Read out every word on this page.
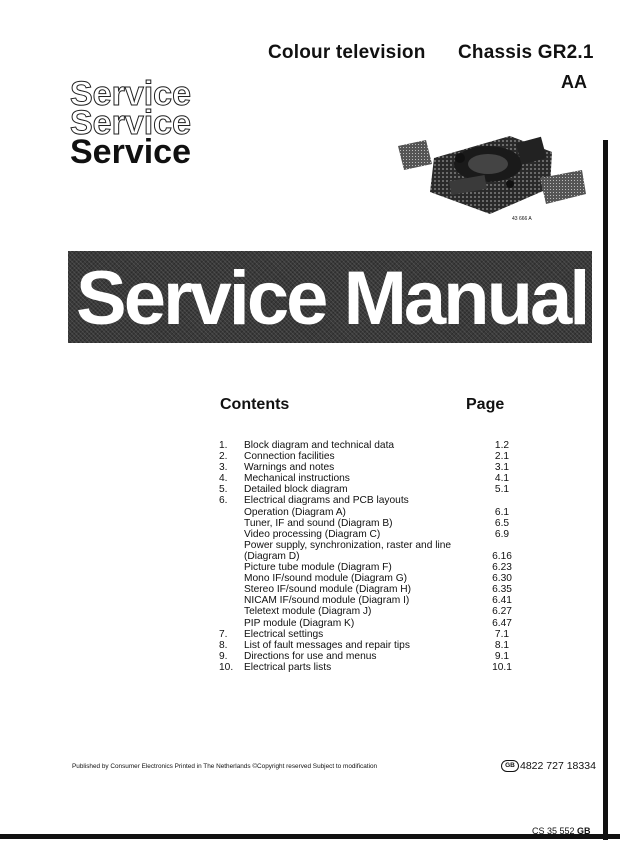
Colour television Chassis GR2.1
AA
Service
Service
Service
43 666 A
Service Manual
Contents	Page
1.	Block diagram and technical data	1.2
2.	Connection facilities	2.1
3.	Warnings and notes	3.1
4.	Mechanical instructions	4.1
5.	Detailed block diagram	5.1
6.	Electrical diagrams and PCB layouts
Operation (Diagram A)	6.1
Tuner, IF and sound (Diagram B)	6.5
Video processing (Diagram C)	6.9
Power supply, synchronization, raster and line
(Diagram D)	6.16
Picture tube module (Diagram F)	6.23
Mono IF/sound module (Diagram G)	6.30
Stereo IF/sound module (Diagram H)	6.35
NICAM IF/sound module (Diagram I)	6.41
Teletext module (Diagram J)	6.27
PIP module (Diagram K)	6.47
7.	Electrical settings	7.1
8.	List of fault messages and repair tips	8.1
9.	Directions for use and menus	9.1
10.	Electrical parts lists	10.1
Published by Consumer Electronics Printed in The Netherlands ©Copyright reserved Subject to modification	GB 4822 727 18334
CS 35 552 GB
